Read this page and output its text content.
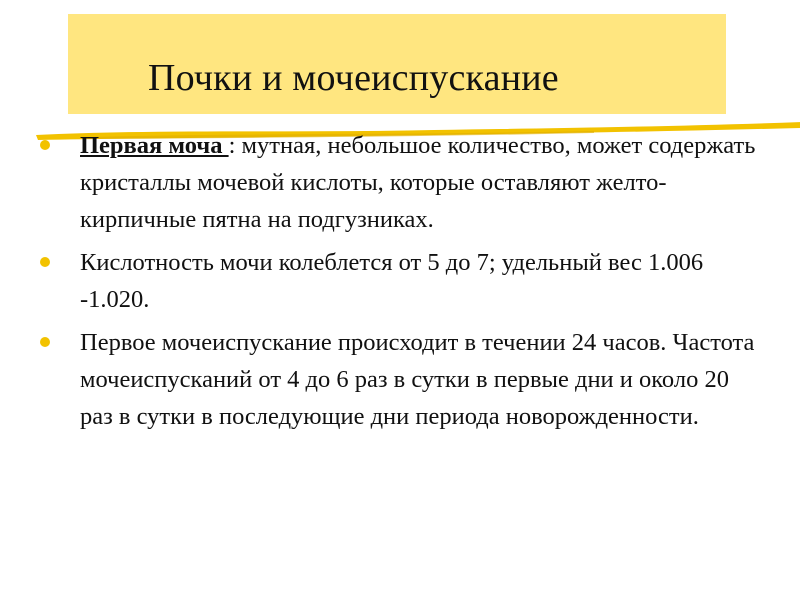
Почки и мочеиспускание
Первая моча : мутная, небольшое количество, может содержать кристаллы мочевой кислоты, которые оставляют желто-кирпичные пятна на подгузниках.
Кислотность мочи колеблется от 5 до 7; удельный вес 1.006 -1.020.
Первое мочеиспускание происходит в течении 24 часов. Частота мочеиспусканий от 4 до 6 раз в сутки в первые дни и около 20 раз в сутки в последующие дни периода новорожденности.
